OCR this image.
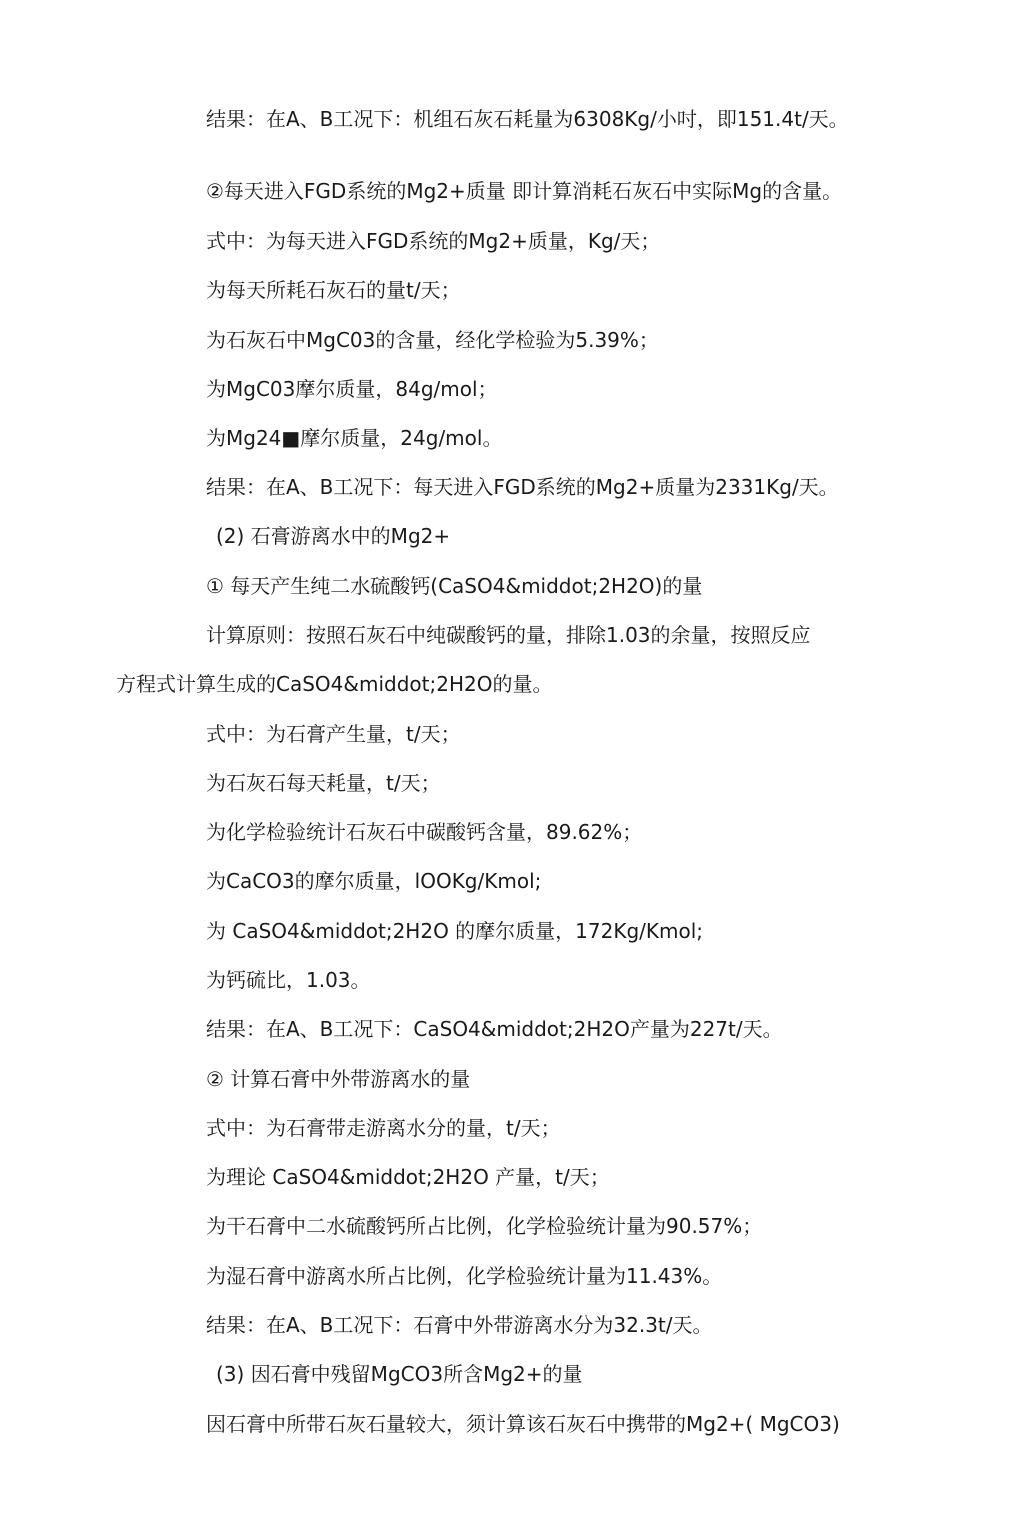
结果：在A、B工况下：机组石灰石耗量为6308Kg/小吋，即151.4t/天。
②每天进入FGD系统的Mg2+质量 即计算消耗石灰石中实际Mg的含量。
式中：为每天进入FGD系统的Mg2+质量，Kg/天；
为每天所耗石灰石的量t/天；
为石灰石中MgC03的含量，经化学检验为5.39%；
为MgC03摩尔质量，84g/mol；
为Mg24■摩尔质量，24g/mol。
结果：在A、B工况下：每天进入FGD系统的Mg2+质量为2331Kg/天。
(2) 石膏游离水中的Mg2+
① 每天产生纯二水硫酸钙(CaSO4&middot;2H2O)的量
计算原则：按照石灰石中纯碳酸钙的量，排除1.03的余量，按照反应
方程式计算生成的CaSO4&middot;2H2O的量。
式中：为石膏产生量，t/天；
为石灰石每天耗量，t/天；
为化学检验统计石灰石中碳酸钙含量，89.62%；
为CaCO3的摩尔质量，lOOKg/Kmol;
为 CaSO4&middot;2H2O 的摩尔质量，172Kg/Kmol;
为钙硫比，1.03。
结果：在A、B工况下：CaSO4&middot;2H2O产量为227t/天。
② 计算石膏中外带游离水的量
式中：为石膏带走游离水分的量，t/天；
为理论 CaSO4&middot;2H2O 产量，t/天；
为干石膏中二水硫酸钙所占比例，化学检验统计量为90.57%；
为湿石膏中游离水所占比例，化学检验统计量为11.43%。
结果：在A、B工况下：石膏中外带游离水分为32.3t/天。
(3) 因石膏中残留MgCO3所含Mg2+的量
因石膏中所带石灰石量较大，须计算该石灰石中携带的Mg2+( MgCO3)
